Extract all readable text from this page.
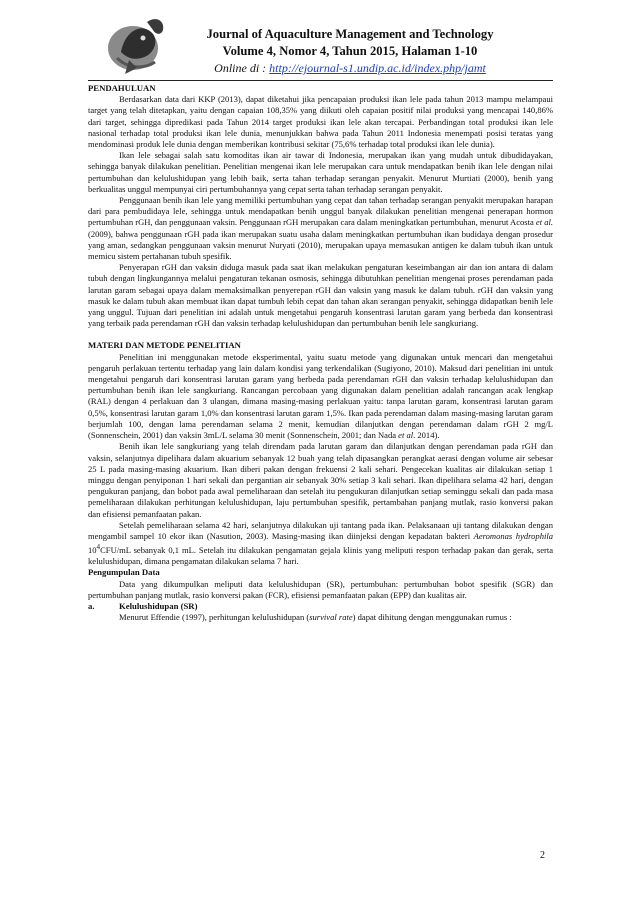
Journal of Aquaculture Management and Technology
Volume 4, Nomor 4, Tahun 2015, Halaman 1-10
Online di : http://ejournal-s1.undip.ac.id/index.php/jamt
PENDAHULUAN

Berdasarkan data dari KKP (2013), dapat diketahui jika pencapaian produksi ikan lele pada tahun 2013 mampu melampaui target yang telah ditetapkan, yaitu dengan capaian 108,35% yang diikuti oleh capaian positif nilai produksi yang mencapai 140,86% dari target, sehingga dipredikasi pada Tahun 2014 target produksi ikan lele akan tercapai. Perbandingan total produksi ikan lele nasional terhadap total produksi ikan lele dunia, menunjukkan bahwa pada Tahun 2011 Indonesia menempati posisi teratas yang mendominasi produk lele dunia dengan memberikan kontribusi sekitar (75,6% terhadap total produksi ikan lele dunia).

Ikan lele sebagai salah satu komoditas ikan air tawar di Indonesia, merupakan ikan yang mudah untuk dibudidayakan, sehingga banyak dilakukan penelitian. Penelitian mengenai ikan lele merupakan cara untuk mendapatkan benih ikan lele dengan nilai pertumbuhan dan kelulushidupan yang lebih baik, serta tahan terhadap serangan penyakit. Menurut Murtiati (2000), benih yang berkualitas unggul mempunyai ciri pertumbuhannya yang cepat serta tahan terhadap serangan penyakit.

Penggunaan benih ikan lele yang memiliki pertumbuhan yang cepat dan tahan terhadap serangan penyakit merupakan harapan dari para pembudidaya lele, sehingga untuk mendapatkan benih unggul banyak dilakukan penelitian mengenai penerapan hormon pertumbuhan rGH, dan penggunaan vaksin. Penggunaan rGH merupakan cara dalam meningkatkan pertumbuhan, menurut Acosta et al. (2009), bahwa penggunaan rGH pada ikan merupakan suatu usaha dalam meningkatkan pertumbuhan ikan budidaya dengan prosedur yang aman, sedangkan penggunaan vaksin menurut Nuryati (2010), merupakan upaya memasukan antigen ke dalam tubuh ikan untuk memicu sistem pertahanan tubuh spesifik.

Penyerapan rGH dan vaksin diduga masuk pada saat ikan melakukan pengaturan keseimbangan air dan ion antara di dalam tubuh dengan lingkungannya melalui pengaturan tekanan osmosis, sehingga dibutuhkan penelitian mengenai proses perendaman pada larutan garam sebagai upaya dalam memaksimalkan penyerepan rGH dan vaksin yang masuk ke dalam tubuh. rGH dan vaksin yang masuk ke dalam tubuh akan membuat ikan dapat tumbuh lebih cepat dan tahan akan serangan penyakit, sehingga didapatkan benih lele yang unggul. Tujuan dari penelitian ini adalah untuk mengetahui pengaruh konsentrasi larutan garam yang berbeda dan konsentrasi yang terbaik pada perendaman rGH dan vaksin terhadap kelulushidupan dan pertumbuhan benih lele sangkuriang.

MATERI DAN METODE PENELITIAN

Penelitian ini menggunakan metode eksperimental, yaitu suatu metode yang digunakan untuk mencari dan mengetahui pengaruh perlakuan tertentu terhadap yang lain dalam kondisi yang terkendalikan (Sugiyono, 2010). Maksud dari penelitian ini untuk mengetahui pengaruh dari konsentrasi larutan garam yang berbeda pada perendaman rGH dan vaksin terhadap kelulushidupan dan pertumbuhan benih ikan lele sangkuriang. Rancangan percobaan yang digunakan dalam penelitian adalah rancangan acak lengkap (RAL) dengan 4 perlakuan dan 3 ulangan, dimana masing-masing perlakuan yaitu: tanpa larutan garam, konsentrasi larutan garam 0,5%, konsentrasi larutan garam 1,0% dan konsentrasi larutan garam 1,5%. Ikan pada perendaman dalam masing-masing larutan garam berjumlah 100, dengan lama perendaman selama 2 menit, kemudian dilanjutkan dengan perendaman dalam rGH 2 mg/L (Sonnenschein, 2001) dan vaksin 3mL/L selama 30 menit (Sonnenschein, 2001; dan Nada et al. 2014).

Benih ikan lele sangkuriang yang telah direndam pada larutan garam dan dilanjutkan dengan perendaman pada rGH dan vaksin, selanjutnya dipelihara dalam akuarium sebanyak 12 buah yang telah dipasangkan perangkat aerasi dengan volume air sebesar 25 L pada masing-masing akuarium. Ikan diberi pakan dengan frekuensi 2 kali sehari. Pengecekan kualitas air dilakukan setiap 1 minggu dengan penyiponan 1 hari sekali dan pergantian air sebanyak 30% setiap 3 kali sehari. Ikan dipelihara selama 42 hari, dengan pengukuran panjang, dan bobot pada awal pemeliharaan dan setelah itu pengukuran dilanjutkan setiap seminggu sekali dan pada masa pemeliharaan dilakukan perhitungan kelulushidupan, laju pertumbuhan spesifik, pertambahan panjang mutlak, rasio konversi pakan dan efisiensi pemanfaatan pakan.

Setelah pemeliharaan selama 42 hari, selanjutnya dilakukan uji tantang pada ikan. Pelaksanaan uji tantang dilakukan dengan mengambil sampel 10 ekor ikan (Nasution, 2003). Masing-masing ikan diinjeksi dengan kepadatan bakteri Aeromonas hydrophila $10^4CFU/mL$ sebanyak 0,1 mL. Setelah itu dilakukan pengamatan gejala klinis yang meliputi respon terhadap pakan dan gerak, serta kelulushidupan, dimana pengamatan dilakukan selama 7 hari.

Pengumpulan Data

Data yang dikumpulkan meliputi data kelulushidupan (SR), pertumbuhan: pertumbuhan bobot spesifik (SGR) dan pertumbuhan panjang mutlak, rasio konversi pakan (FCR), efisiensi pemanfaatan pakan (EPP) dan kualitas air.

a.	Kelulushidupan (SR)

Menurut Effendie (1997), perhitungan kelulushidupan (survival rate) dapat dihitung dengan menggunakan rumus :

2
